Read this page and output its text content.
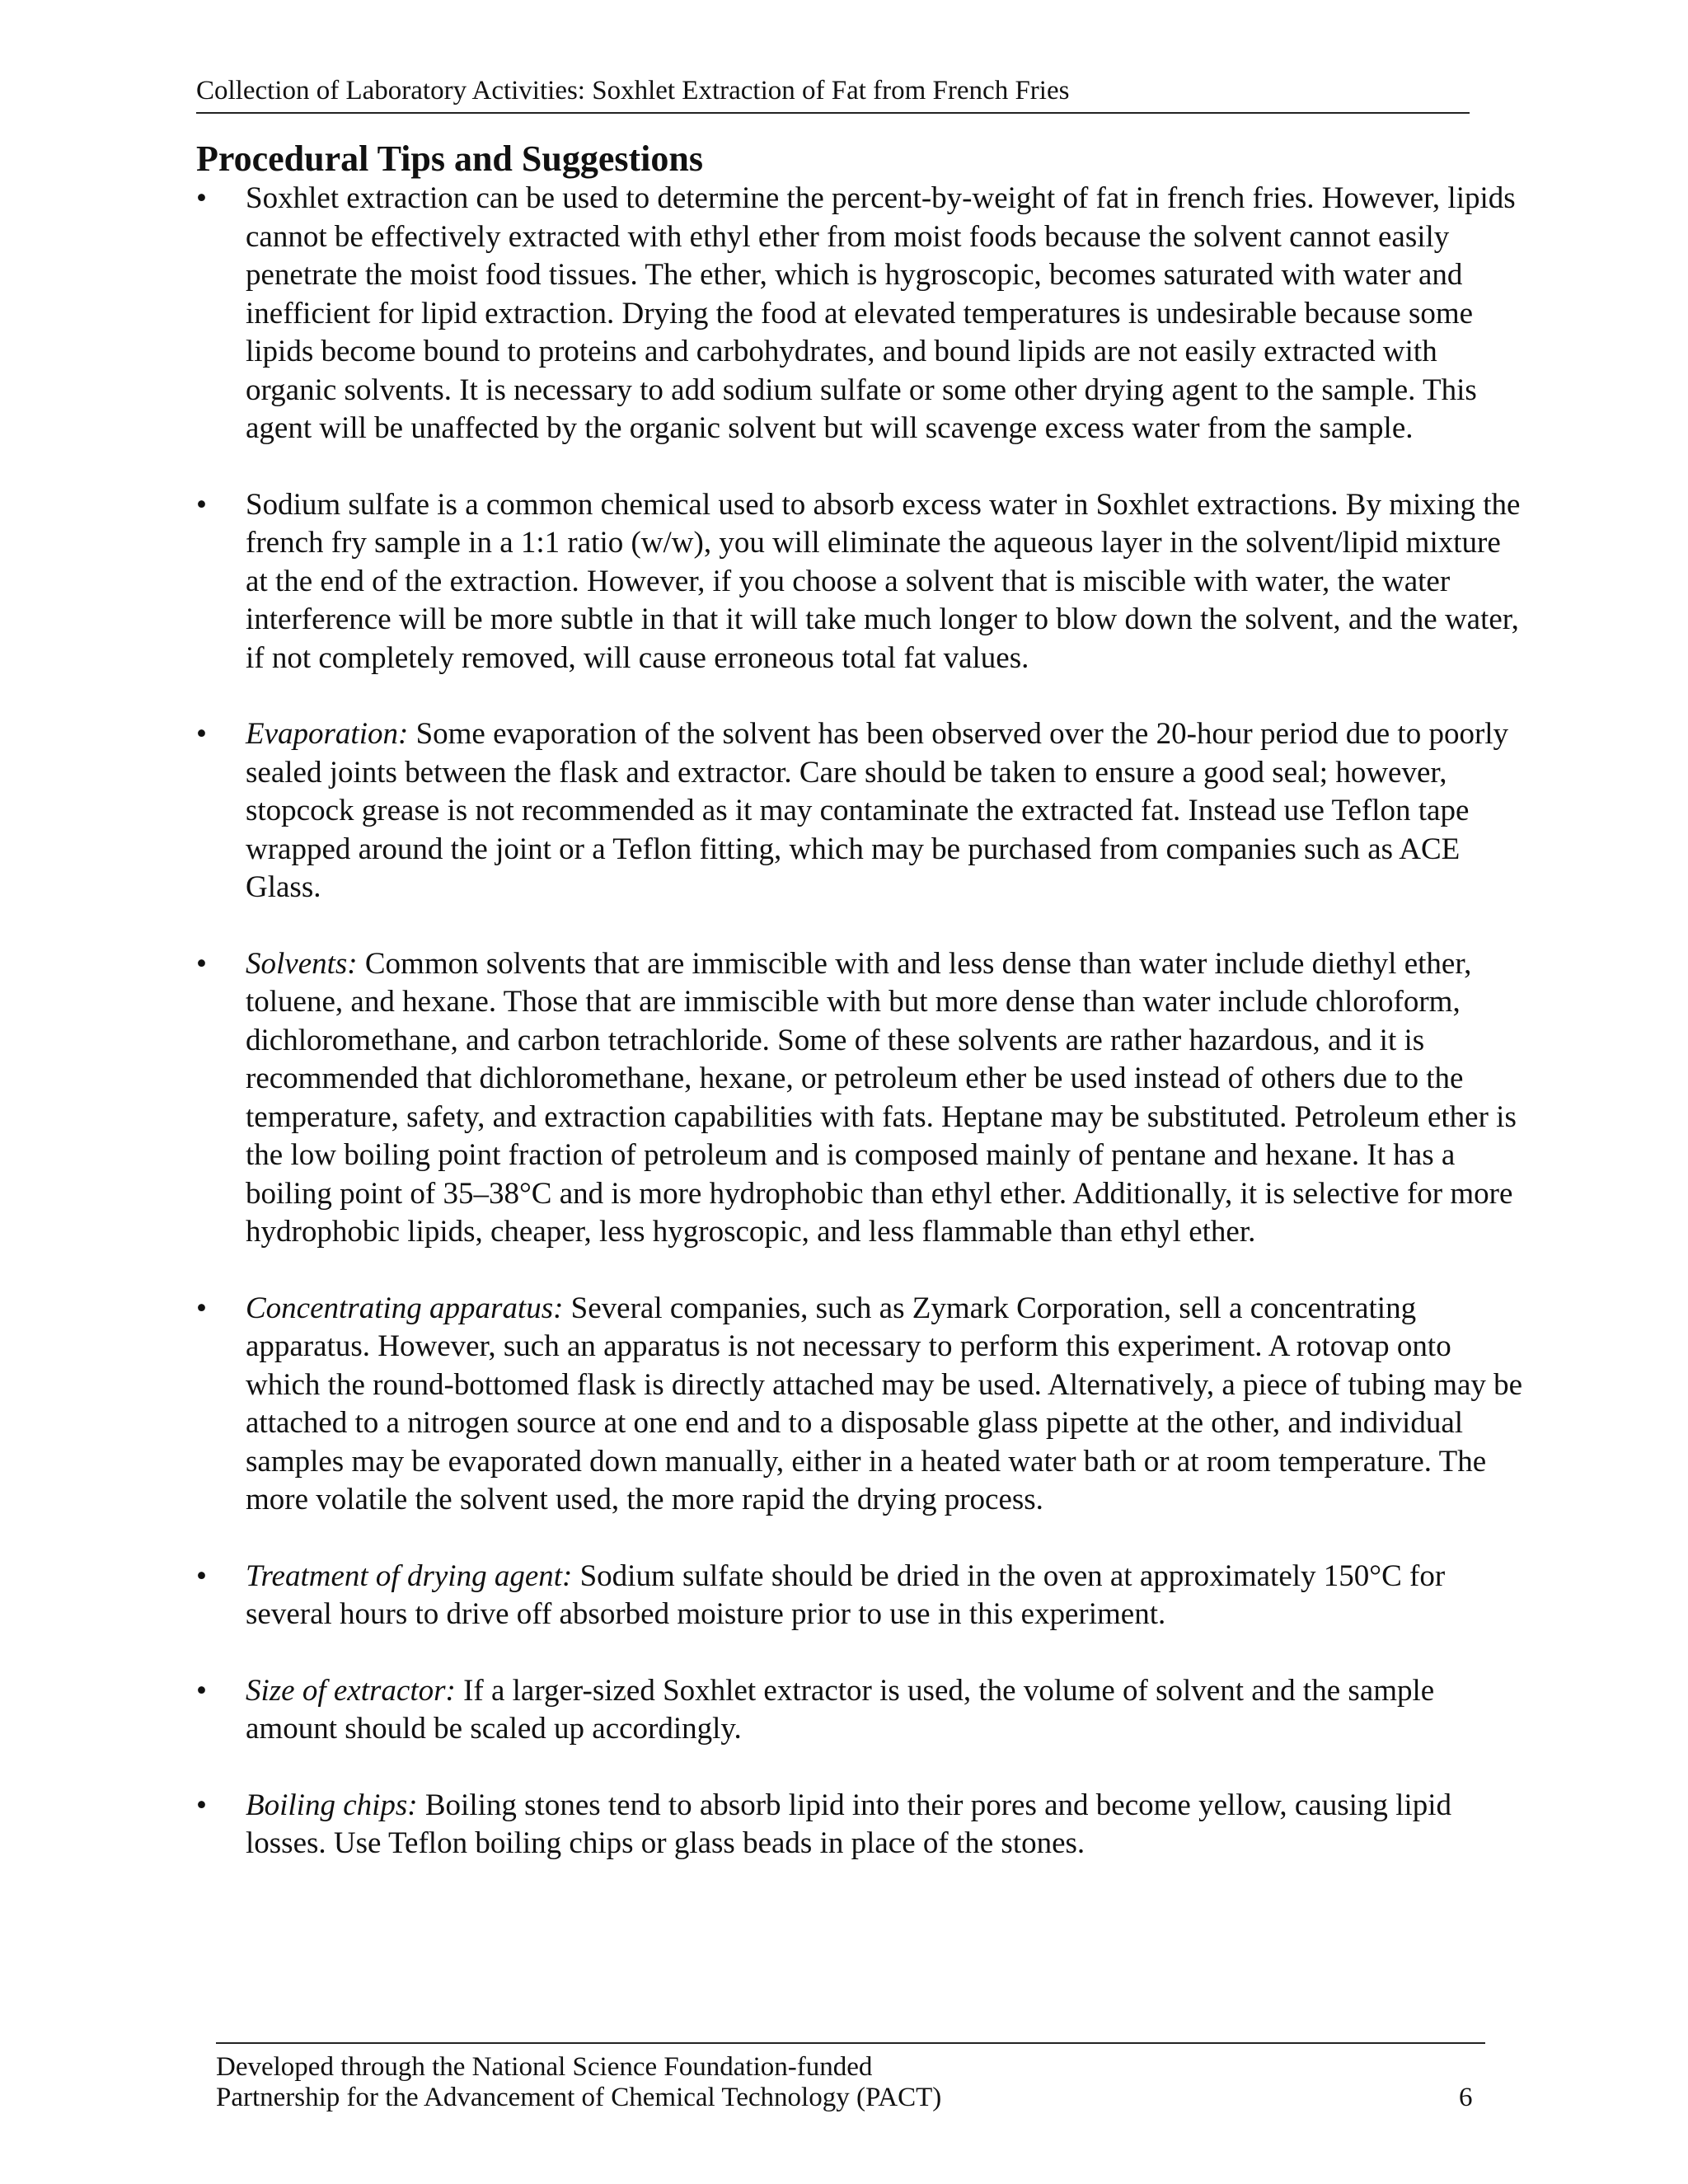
Collection of Laboratory Activities: Soxhlet Extraction of Fat from French Fries
Procedural Tips and Suggestions
•	Soxhlet extraction can be used to determine the percent-by-weight of fat in french fries. However, lipids cannot be effectively extracted with ethyl ether from moist foods because the solvent cannot easily penetrate the moist food tissues. The ether, which is hygroscopic, becomes saturated with water and inefficient for lipid extraction. Drying the food at elevated temperatures is undesirable because some lipids become bound to proteins and carbohydrates, and bound lipids are not easily extracted with organic solvents. It is necessary to add sodium sulfate or some other drying agent to the sample. This agent will be unaffected by the organic solvent but will scavenge excess water from the sample.
•	Sodium sulfate is a common chemical used to absorb excess water in Soxhlet extractions. By mixing the french fry sample in a 1:1 ratio (w/w), you will eliminate the aqueous layer in the solvent/lipid mixture at the end of the extraction. However, if you choose a solvent that is miscible with water, the water interference will be more subtle in that it will take much longer to blow down the solvent, and the water, if not completely removed, will cause erroneous total fat values.
•	Evaporation: Some evaporation of the solvent has been observed over the 20-hour period due to poorly sealed joints between the flask and extractor. Care should be taken to ensure a good seal; however, stopcock grease is not recommended as it may contaminate the extracted fat. Instead use Teflon tape wrapped around the joint or a Teflon fitting, which may be purchased from companies such as ACE Glass.
•	Solvents: Common solvents that are immiscible with and less dense than water include diethyl ether, toluene, and hexane. Those that are immiscible with but more dense than water include chloroform, dichloromethane, and carbon tetrachloride. Some of these solvents are rather hazardous, and it is recommended that dichloromethane, hexane, or petroleum ether be used instead of others due to the temperature, safety, and extraction capabilities with fats. Heptane may be substituted. Petroleum ether is the low boiling point fraction of petroleum and is composed mainly of pentane and hexane. It has a boiling point of 35–38°C and is more hydrophobic than ethyl ether. Additionally, it is selective for more hydrophobic lipids, cheaper, less hygroscopic, and less flammable than ethyl ether.
•	Concentrating apparatus: Several companies, such as Zymark Corporation, sell a concentrating apparatus. However, such an apparatus is not necessary to perform this experiment. A rotovap onto which the round-bottomed flask is directly attached may be used. Alternatively, a piece of tubing may be attached to a nitrogen source at one end and to a disposable glass pipette at the other, and individual samples may be evaporated down manually, either in a heated water bath or at room temperature. The more volatile the solvent used, the more rapid the drying process.
•	Treatment of drying agent: Sodium sulfate should be dried in the oven at approximately 150°C for several hours to drive off absorbed moisture prior to use in this experiment.
•	Size of extractor: If a larger-sized Soxhlet extractor is used, the volume of solvent and the sample amount should be scaled up accordingly.
•	Boiling chips: Boiling stones tend to absorb lipid into their pores and become yellow, causing lipid losses. Use Teflon boiling chips or glass beads in place of the stones.
Developed through the National Science Foundation-funded
Partnership for the Advancement of Chemical Technology (PACT)	6
